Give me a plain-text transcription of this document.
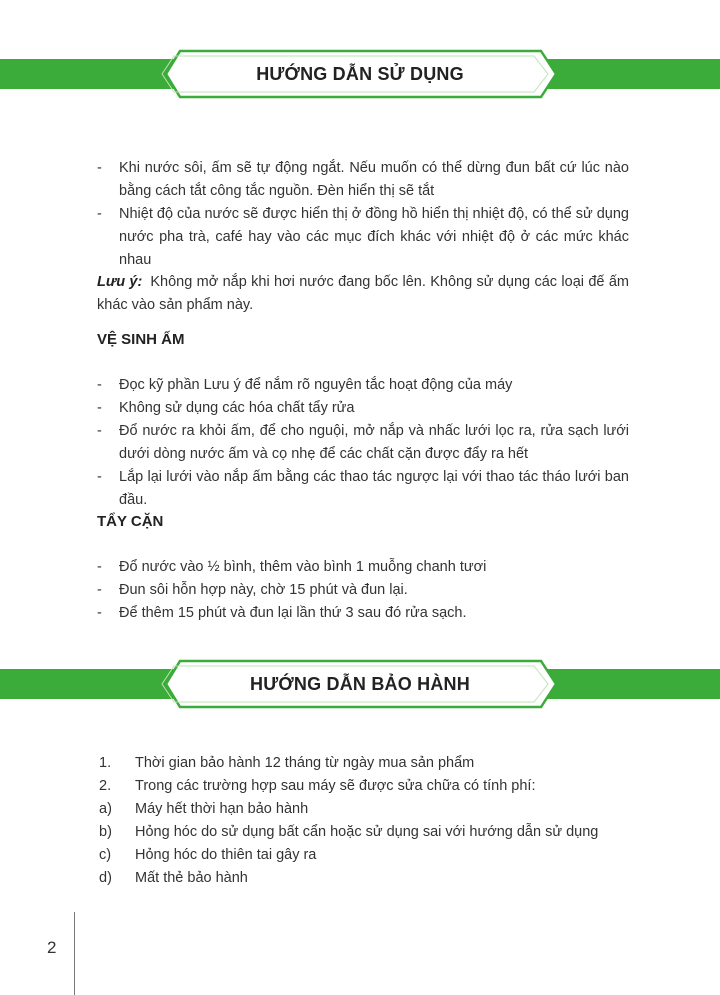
HƯỚNG DẪN SỬ DỤNG
- Khi nước sôi, ấm sẽ tự động ngắt. Nếu muốn có thể dừng đun bất cứ lúc nào bằng cách tắt công tắc nguồn. Đèn hiển thị sẽ tắt
- Nhiệt độ của nước sẽ được hiển thị ở đồng hồ hiển thị nhiệt độ, có thể sử dụng nước pha trà, café hay vào các mục đích khác với nhiệt độ ở các mức khác nhau
Lưu ý: Không mở nắp khi hơi nước đang bốc lên. Không sử dụng các loại đế ấm khác vào sản phẩm này.
VỆ SINH ẤM
- Đọc kỹ phần Lưu ý để nắm rõ nguyên tắc hoạt động của máy
- Không sử dụng các hóa chất tẩy rửa
- Đổ nước ra khỏi ấm, để cho nguội, mở nắp và nhấc lưới lọc ra, rửa sạch lưới dưới dòng nước ấm và cọ nhẹ để các chất cặn được đẩy ra hết
- Lắp lại lưới vào nắp ấm bằng các thao tác ngược lại với thao tác tháo lưới ban đầu.
TẨY CẶN
- Đổ nước vào ½ bình, thêm vào bình 1 muỗng chanh tươi
- Đun sôi hỗn hợp này, chờ 15 phút và đun lại.
- Để thêm 15 phút và đun lại lần thứ 3 sau đó rửa sạch.
HƯỚNG DẪN BẢO HÀNH
1. Thời gian bảo hành 12 tháng từ ngày mua sản phẩm
2. Trong các trường hợp sau máy sẽ được sửa chữa có tính phí:
a) Máy hết thời hạn bảo hành
b) Hỏng hóc do sử dụng bất cẩn hoặc sử dụng sai với hướng dẫn sử dụng
c) Hỏng hóc do thiên tai gây ra
d) Mất thẻ bảo hành
2
